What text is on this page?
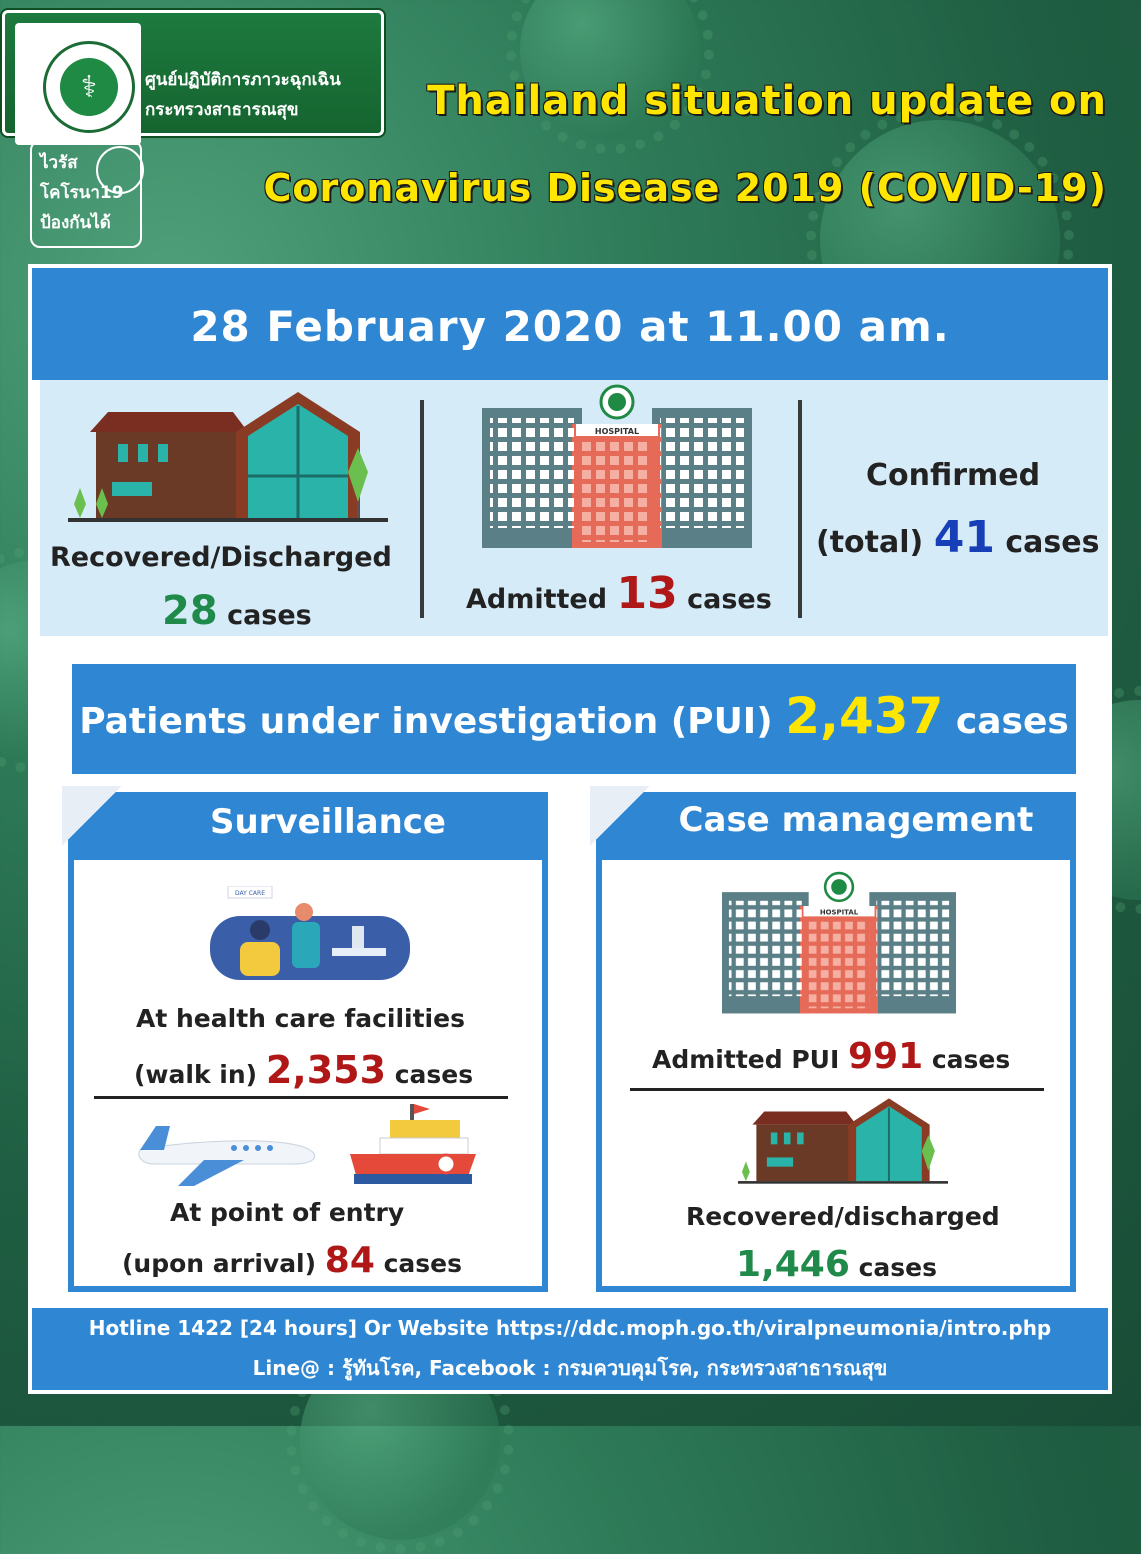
⚕	ศูนย์ปฏิบัติการภาวะฉุกเฉิน
กระทรวงสาธารณสุข
ไวรัส
โคโรนา19
ป้องกันได้
Thailand situation update on
Coronavirus Disease 2019 (COVID-19)
28 February 2020 at 11.00 am.
Recovered/Discharged
28 cases
HOSPITAL
Admitted 13 cases
Confirmed
(total) 41 cases
Patients under investigation (PUI) 2,437 cases
Surveillance
DAY CARE
At health care facilities
(walk in) 2,353 cases
At point of entry
(upon arrival) 84 cases
Case management
HOSPITAL
Admitted PUI 991 cases
Recovered/discharged
1,446 cases
Hotline 1422 [24 hours] Or Website https://ddc.moph.go.th/viralpneumonia/intro.php
Line@ : รู้ทันโรค, Facebook : กรมควบคุมโรค, กระทรวงสาธารณสุข
